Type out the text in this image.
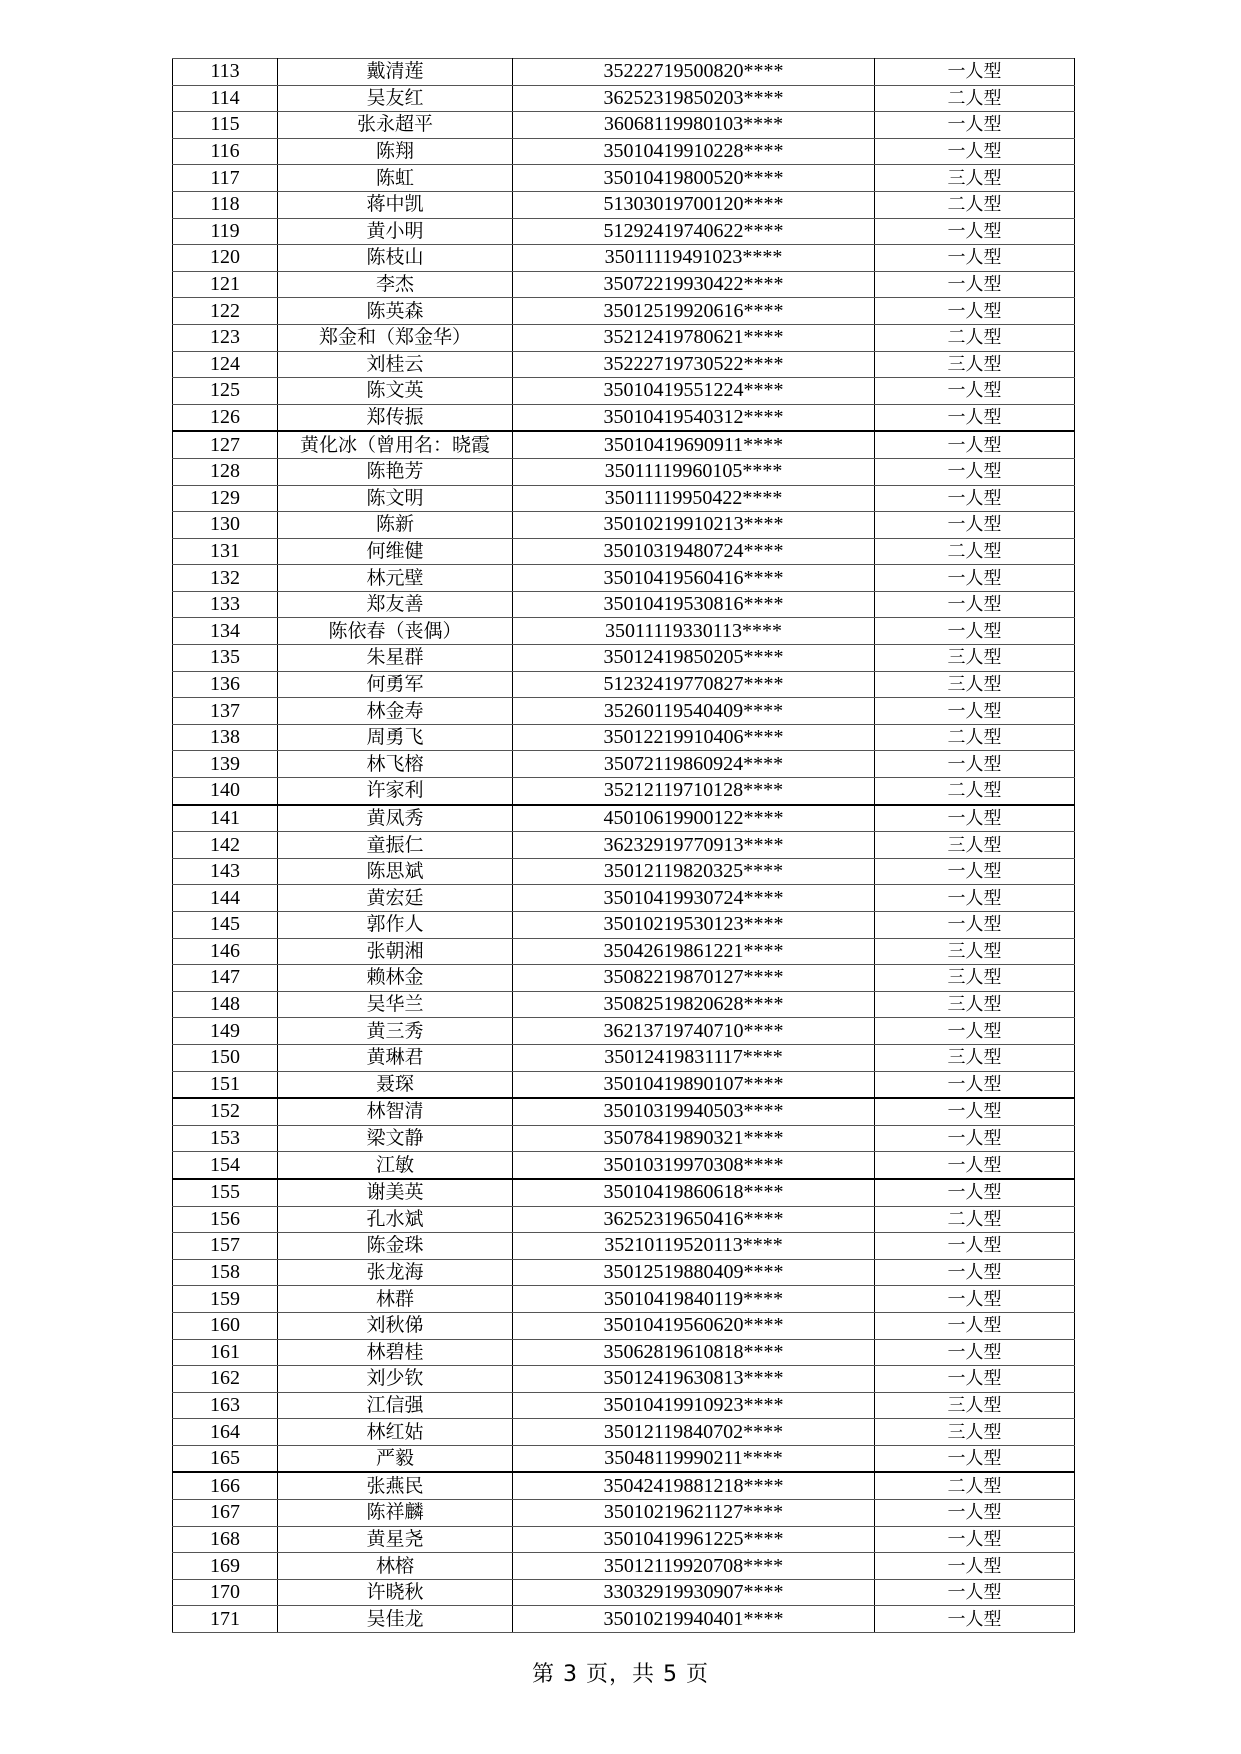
113	戴清莲	35222719500820****	一人型
114	吴友红	36252319850203****	二人型
115	张永超平	36068119980103****	一人型
116	陈翔	35010419910228****	一人型
117	陈虹	35010419800520****	三人型
118	蒋中凯	51303019700120****	二人型
119	黄小明	51292419740622****	一人型
120	陈枝山	35011119491023****	一人型
121	李杰	35072219930422****	一人型
122	陈英森	35012519920616****	一人型
123	郑金和（郑金华）	35212419780621****	二人型
124	刘桂云	35222719730522****	三人型
125	陈文英	35010419551224****	一人型
126	郑传振	35010419540312****	一人型
127	黄化冰（曾用名：晓霞	35010419690911****	一人型
128	陈艳芳	35011119960105****	一人型
129	陈文明	35011119950422****	一人型
130	陈新	35010219910213****	一人型
131	何维健	35010319480724****	二人型
132	林元壁	35010419560416****	一人型
133	郑友善	35010419530816****	一人型
134	陈依春（丧偶）	35011119330113****	一人型
135	朱星群	35012419850205****	三人型
136	何勇军	51232419770827****	三人型
137	林金寿	35260119540409****	一人型
138	周勇飞	35012219910406****	二人型
139	林飞榕	35072119860924****	一人型
140	许家利	35212119710128****	二人型
141	黄凤秀	45010619900122****	一人型
142	童振仁	36232919770913****	三人型
143	陈思斌	35012119820325****	一人型
144	黄宏廷	35010419930724****	一人型
145	郭作人	35010219530123****	一人型
146	张朝湘	35042619861221****	三人型
147	赖林金	35082219870127****	三人型
148	吴华兰	35082519820628****	三人型
149	黄三秀	36213719740710****	一人型
150	黄琳君	35012419831117****	三人型
151	聂琛	35010419890107****	一人型
152	林智清	35010319940503****	一人型
153	梁文静	35078419890321****	一人型
154	江敏	35010319970308****	一人型
155	谢美英	35010419860618****	一人型
156	孔水斌	36252319650416****	二人型
157	陈金珠	35210119520113****	一人型
158	张龙海	35012519880409****	一人型
159	林群	35010419840119****	一人型
160	刘秋俤	35010419560620****	一人型
161	林碧桂	35062819610818****	一人型
162	刘少钦	35012419630813****	一人型
163	江信强	35010419910923****	三人型
164	林红姑	35012119840702****	三人型
165	严毅	35048119990211****	一人型
166	张燕民	35042419881218****	二人型
167	陈祥麟	35010219621127****	一人型
168	黄星尧	35010419961225****	一人型
169	林榕	35012119920708****	一人型
170	许晓秋	33032919930907****	一人型
171	吴佳龙	35010219940401****	一人型
第 3 页，共 5 页
